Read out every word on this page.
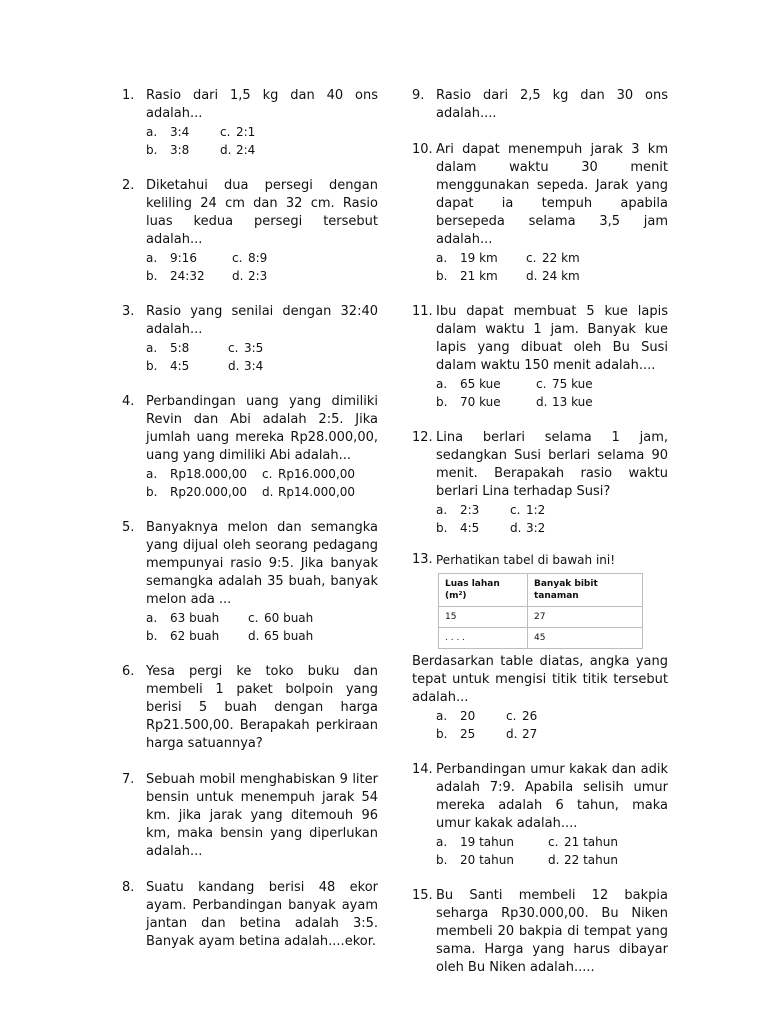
1. Rasio dari 1,5 kg dan 40 ons adalah...
a. 3:4	c. 2:1
b. 3:8	d. 2:4
2. Diketahui dua persegi dengan keliling 24 cm dan 32 cm. Rasio luas kedua persegi tersebut adalah...
a. 9:16	c. 8:9
b. 24:32	d. 2:3
3. Rasio yang senilai dengan 32:40 adalah...
a. 5:8	c. 3:5
b. 4:5	d. 3:4
4. Perbandingan uang yang dimiliki Revin dan Abi adalah 2:5. Jika jumlah uang mereka Rp28.000,00, uang yang dimiliki Abi adalah...
a. Rp18.000,00	c. Rp16.000,00
b. Rp20.000,00	d. Rp14.000,00
5. Banyaknya melon dan semangka yang dijual oleh seorang pedagang mempunyai rasio 9:5. Jika banyak semangka adalah 35 buah, banyak melon ada ...
a. 63 buah	c. 60 buah
b. 62 buah	d. 65 buah
6. Yesa pergi ke toko buku dan membeli 1 paket bolpoin yang berisi 5 buah dengan harga Rp21.500,00. Berapakah perkiraan harga satuannya?
7. Sebuah mobil menghabiskan 9 liter bensin untuk menempuh jarak 54 km. jika jarak yang ditemouh 96 km, maka bensin yang diperlukan adalah...
8. Suatu kandang berisi 48 ekor ayam. Perbandingan banyak ayam jantan dan betina adalah 3:5. Banyak ayam betina adalah....ekor.
9. Rasio dari 2,5 kg dan 30 ons adalah....
10. Ari dapat menempuh jarak 3 km dalam waktu 30 menit menggunakan sepeda. Jarak yang dapat ia tempuh apabila bersepeda selama 3,5 jam adalah...
a. 19 km	c. 22 km
b. 21 km	d. 24 km
11. Ibu dapat membuat 5 kue lapis dalam waktu 1 jam. Banyak kue lapis yang dibuat oleh Bu Susi dalam waktu 150 menit adalah....
a. 65 kue	c. 75 kue
b. 70 kue	d. 13 kue
12. Lina berlari selama 1 jam, sedangkan Susi berlari selama 90 menit. Berapakah rasio waktu berlari Lina terhadap Susi?
a. 2:3	c. 1:2
b. 4:5	d. 3:2
13. Perhatikan tabel di bawah ini!
Luas lahan (m²)	Banyak bibit tanaman
15	27
. . . .	45
Berdasarkan table diatas, angka yang tepat untuk mengisi titik titik tersebut adalah...
a. 20	c. 26
b. 25	d. 27
14. Perbandingan umur kakak dan adik adalah 7:9. Apabila selisih umur mereka adalah 6 tahun, maka umur kakak adalah....
a. 19 tahun	c. 21 tahun
b. 20 tahun	d. 22 tahun
15. Bu Santi membeli 12 bakpia seharga Rp30.000,00. Bu Niken membeli 20 bakpia di tempat yang sama. Harga yang harus dibayar oleh Bu Niken adalah.....
